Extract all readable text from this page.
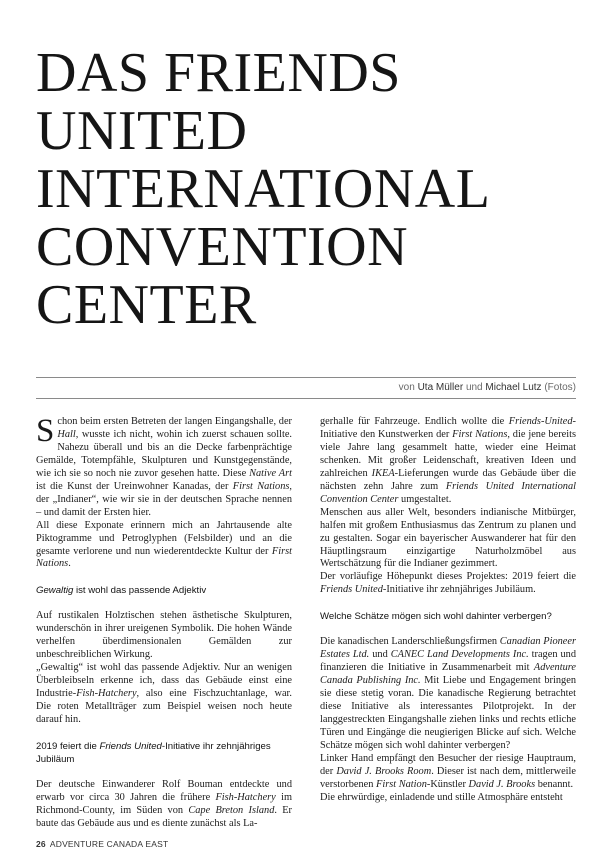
DAS FRIENDS
UNITED
INTERNATIONAL
CONVENTION
CENTER
von Uta Müller und Michael Lutz (Fotos)

Schon beim ersten Betreten der langen Eingangshalle, der Hall, wusste ich nicht, wohin ich zuerst schauen sollte. Nahezu überall und bis an die Decke farbenprächtige Gemälde, Totempfähle, Skulpturen und Kunstgegenstände, wie ich sie so noch nie zuvor gesehen hatte. Diese Native Art ist die Kunst der Ureinwohner Kanadas, der First Nations, der „Indianer“, wie wir sie in der deutschen Sprache nennen – und damit der Ersten hier.

All diese Exponate erinnern mich an Jahrtausende alte Piktogramme und Petroglyphen (Felsbilder) und an die gesamte verlorene und nun wiederentdeckte Kultur der First Nations.

Gewaltig ist wohl das passende Adjektiv

Auf rustikalen Holztischen stehen ästhetische Skulpturen, wunderschön in ihrer ureigenen Symbolik. Die hohen Wände verhelfen überdimensionalen Gemälden zur unbeschreiblichen Wirkung.

„Gewaltig“ ist wohl das passende Adjektiv. Nur an wenigen Überbleibseln erkenne ich, dass das Gebäude einst eine Industrie-Fish-Hatchery, also eine Fischzuchtanlage, war. Die roten Metallträger zum Beispiel weisen noch heute darauf hin.

2019 feiert die Friends United-Initiative ihr zehnjähriges Jubiläum

Der deutsche Einwanderer Rolf Bouman entdeckte und erwarb vor circa 30 Jahren die frühere Fish-Hatchery im Richmond-County, im Süden von Cape Breton Island. Er baute das Gebäude aus und es diente zunächst als La-

gerhalle für Fahrzeuge. Endlich wollte die Friends-United-Initiative den Kunstwerken der First Nations, die jene bereits viele Jahre lang gesammelt hatte, wieder eine Heimat schenken. Mit großer Leidenschaft, kreativen Ideen und zahlreichen IKEA-Lieferungen wurde das Gebäude über die nächsten zehn Jahre zum Friends United International Convention Center umgestaltet.

Menschen aus aller Welt, besonders indianische Mitbürger, halfen mit großem Enthusiasmus das Zentrum zu planen und zu gestalten. Sogar ein bayerischer Auswanderer hat für den Häuptlingsraum einzigartige Naturholzmöbel aus Wertschätzung für die Indianer gezimmert.

Der vorläufige Höhepunkt dieses Projektes: 2019 feiert die Friends United-Initiative ihr zehnjähriges Jubiläum.

Welche Schätze mögen sich wohl dahinter verbergen?

Die kanadischen Landerschließungsfirmen Canadian Pioneer Estates Ltd. und CANEC Land Developments Inc. tragen und finanzieren die Initiative in Zusammenarbeit mit Adventure Canada Publishing Inc. Mit Liebe und Engagement bringen sie diese stetig voran. Die kanadische Regierung betrachtet diese Initiative als interessantes Pilotprojekt. In der langgestreckten Eingangshalle ziehen links und rechts etliche Türen und Eingänge die neugierigen Blicke auf sich. Welche Schätze mögen sich wohl dahinter verbergen?

Linker Hand empfängt den Besucher der riesige Hauptraum, der David J. Brooks Room. Dieser ist nach dem, mittlerweile verstorbenen First Nation-Künstler David J. Brooks benannt.

Die ehrwürdige, einladende und stille Atmosphäre entsteht

26 ADVENTURE CANADA EAST
